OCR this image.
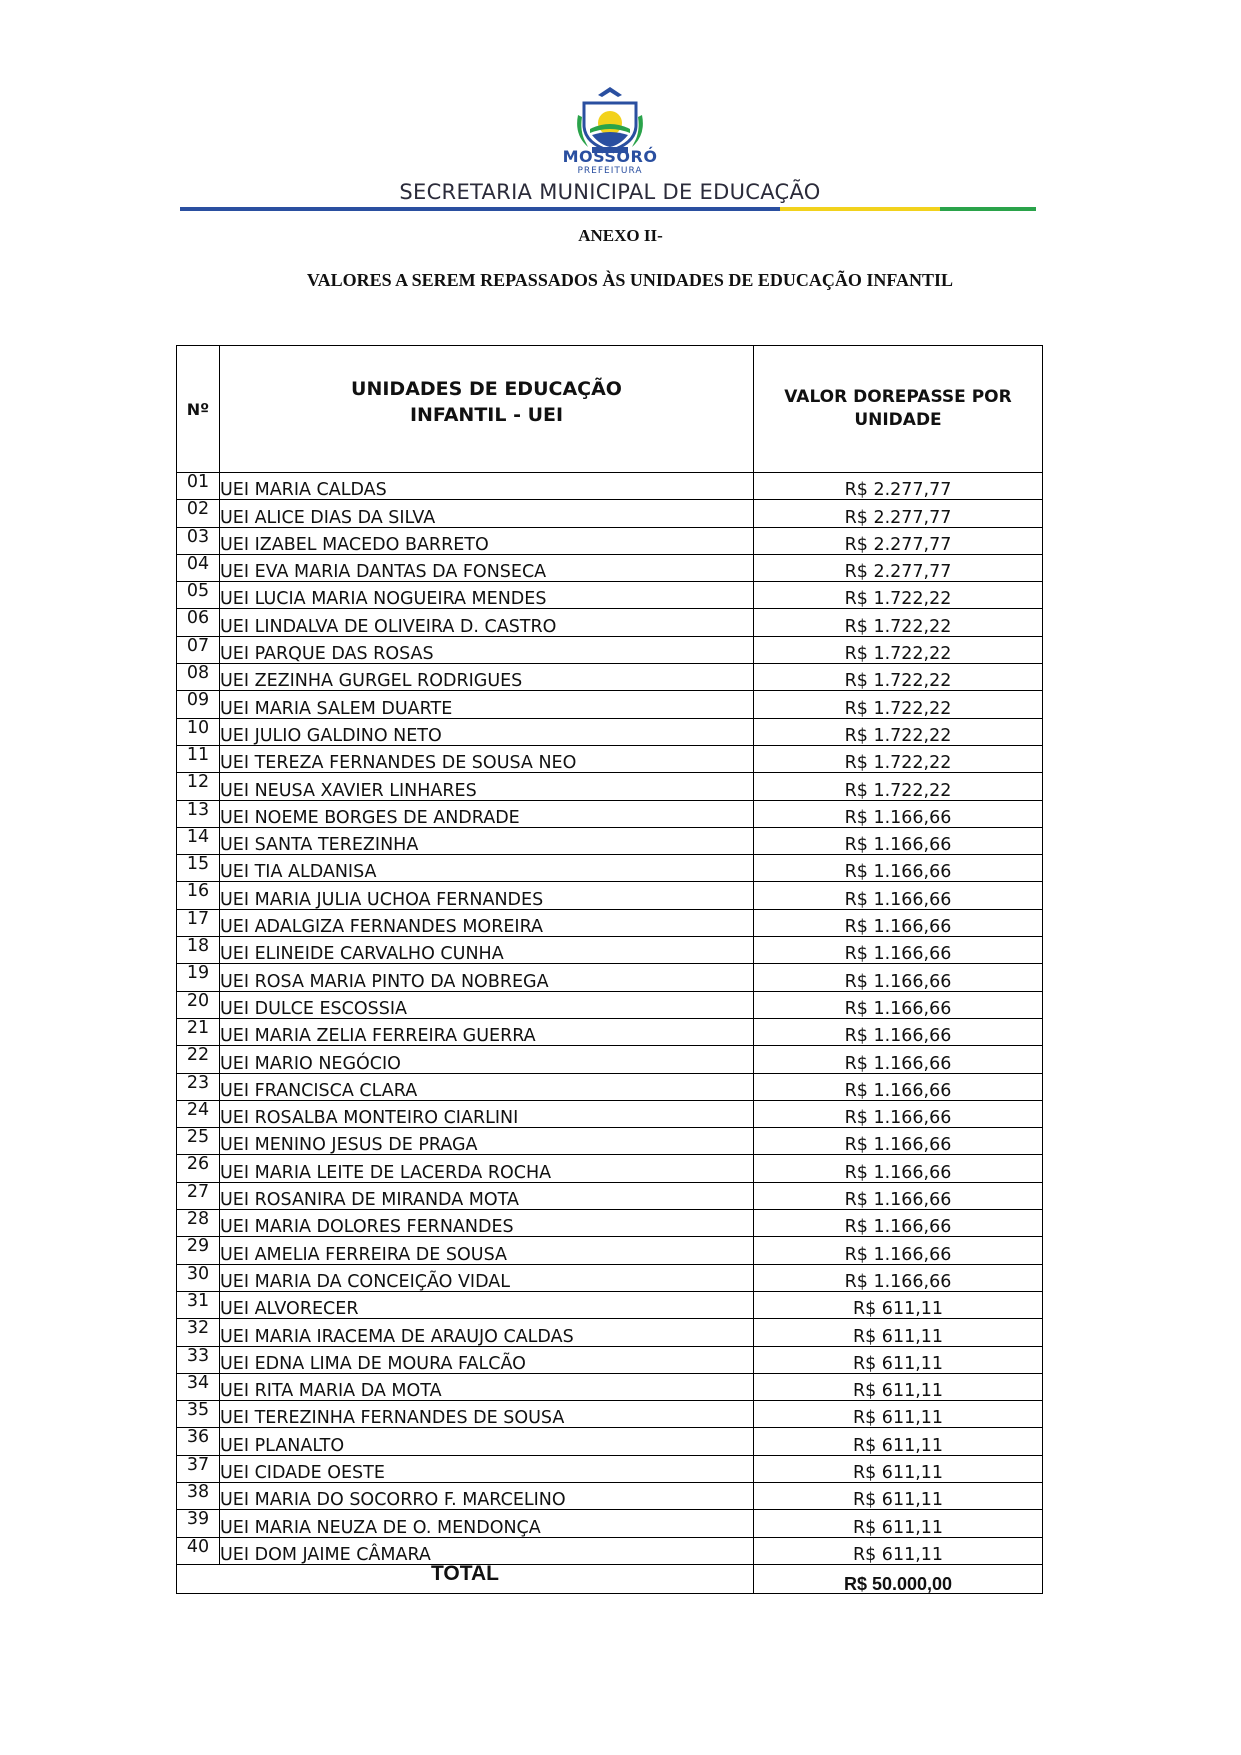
MOSSORÓ
PREFEITURA
SECRETARIA MUNICIPAL DE EDUCAÇÃO
ANEXO II-
VALORES A SEREM REPASSADOS ÀS UNIDADES DE EDUCAÇÃO INFANTIL
Nº	UNIDADES DE EDUCAÇÃO INFANTIL - UEI	VALOR DOREPASSE POR UNIDADE

01	UEI MARIA CALDAS	R$ 2.277,77
02	UEI ALICE DIAS DA SILVA	R$ 2.277,77
03	UEI IZABEL MACEDO BARRETO	R$ 2.277,77
04	UEI EVA MARIA DANTAS DA FONSECA	R$ 2.277,77
05	UEI LUCIA MARIA NOGUEIRA MENDES	R$ 1.722,22
06	UEI LINDALVA DE OLIVEIRA D. CASTRO	R$ 1.722,22
07	UEI PARQUE DAS ROSAS	R$ 1.722,22
08	UEI ZEZINHA GURGEL RODRIGUES	R$ 1.722,22
09	UEI MARIA SALEM DUARTE	R$ 1.722,22
10	UEI JULIO GALDINO NETO	R$ 1.722,22
11	UEI TEREZA FERNANDES DE SOUSA NEO	R$ 1.722,22
12	UEI NEUSA XAVIER LINHARES	R$ 1.722,22
13	UEI NOEME BORGES DE ANDRADE	R$ 1.166,66
14	UEI SANTA TEREZINHA	R$ 1.166,66
15	UEI TIA ALDANISA	R$ 1.166,66
16	UEI MARIA JULIA UCHOA FERNANDES	R$ 1.166,66
17	UEI ADALGIZA FERNANDES MOREIRA	R$ 1.166,66
18	UEI ELINEIDE CARVALHO CUNHA	R$ 1.166,66
19	UEI ROSA MARIA PINTO DA NOBREGA	R$ 1.166,66
20	UEI DULCE ESCOSSIA	R$ 1.166,66
21	UEI MARIA ZELIA FERREIRA GUERRA	R$ 1.166,66
22	UEI MARIO NEGÓCIO	R$ 1.166,66
23	UEI FRANCISCA CLARA	R$ 1.166,66
24	UEI ROSALBA MONTEIRO CIARLINI	R$ 1.166,66
25	UEI MENINO JESUS DE PRAGA	R$ 1.166,66
26	UEI MARIA LEITE DE LACERDA ROCHA	R$ 1.166,66
27	UEI ROSANIRA DE MIRANDA MOTA	R$ 1.166,66
28	UEI MARIA DOLORES FERNANDES	R$ 1.166,66
29	UEI AMELIA FERREIRA DE SOUSA	R$ 1.166,66
30	UEI MARIA DA CONCEIÇÃO VIDAL	R$ 1.166,66
31	UEI ALVORECER	R$ 611,11
32	UEI MARIA IRACEMA DE ARAUJO CALDAS	R$ 611,11
33	UEI EDNA LIMA DE MOURA FALCÃO	R$ 611,11
34	UEI RITA MARIA DA MOTA	R$ 611,11
35	UEI TEREZINHA FERNANDES DE SOUSA	R$ 611,11
36	UEI PLANALTO	R$ 611,11
37	UEI CIDADE OESTE	R$ 611,11
38	UEI MARIA DO SOCORRO F. MARCELINO	R$ 611,11
39	UEI MARIA NEUZA DE O. MENDONÇA	R$ 611,11
40	UEI DOM JAIME CÂMARA	R$ 611,11
TOTAL		R$ 50.000,00
